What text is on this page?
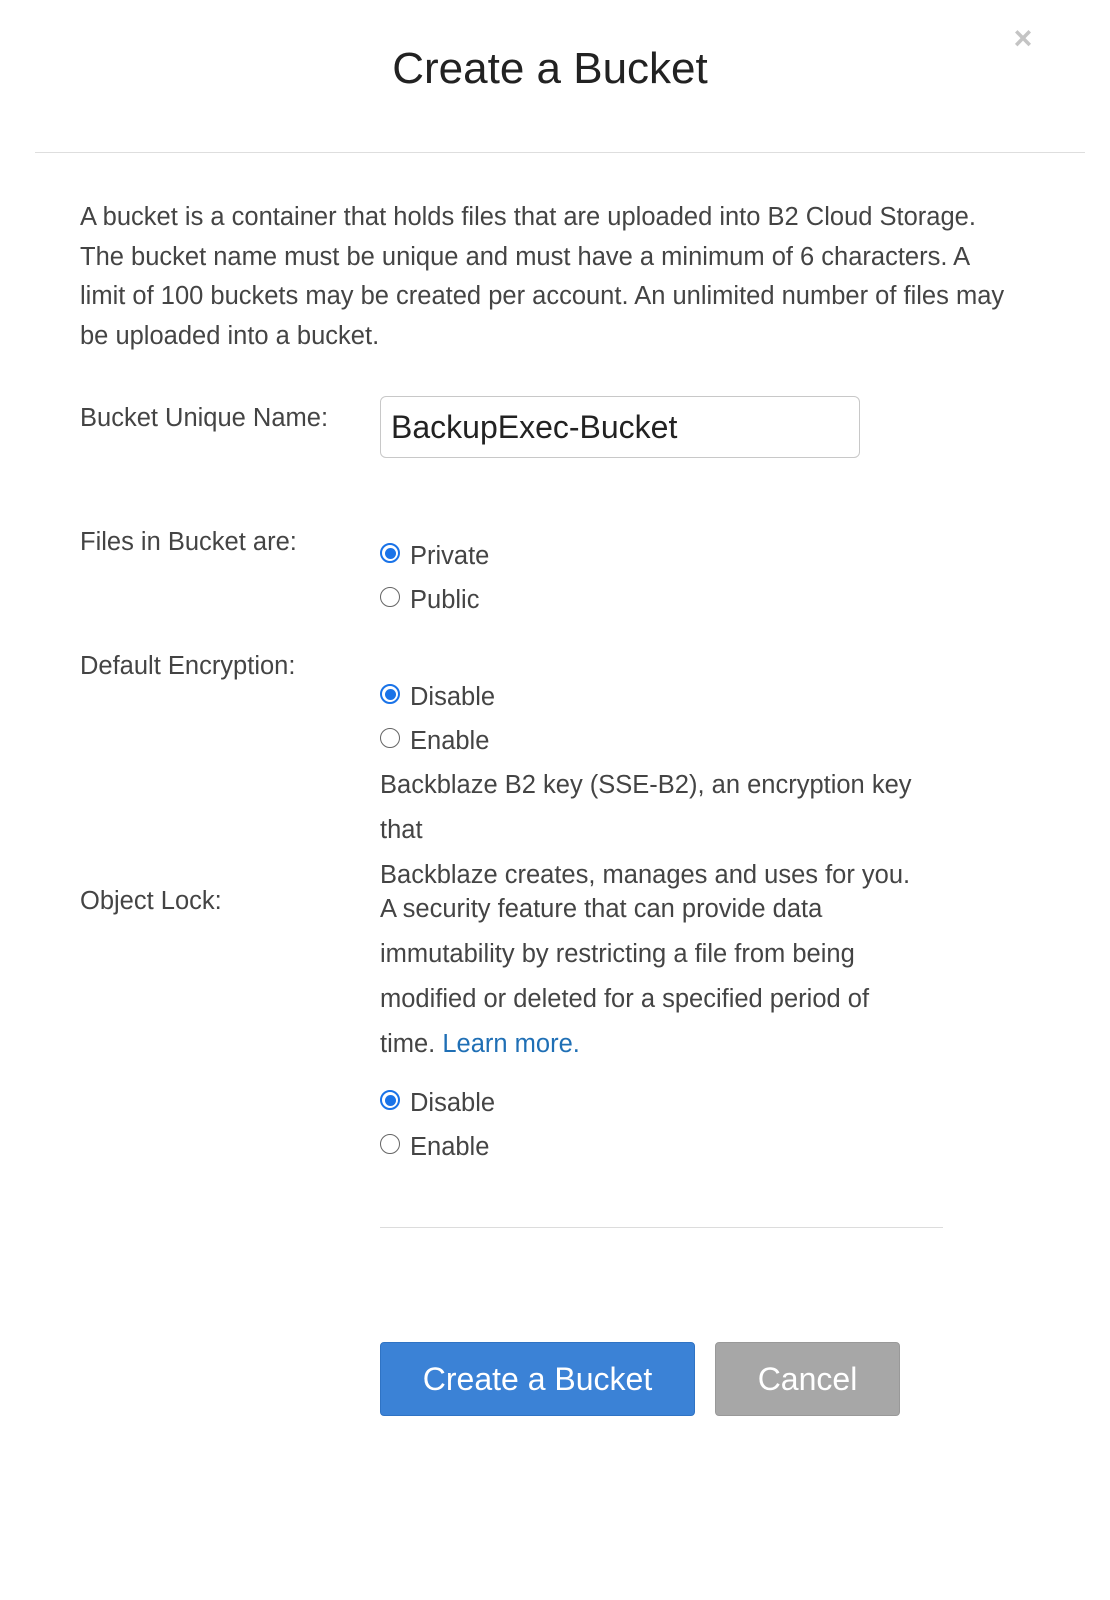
×
Create a Bucket

A bucket is a container that holds files that are uploaded into B2 Cloud Storage. The bucket name must be unique and must have a minimum of 6 characters. A limit of 100 buckets may be created per account. An unlimited number of files may be uploaded into a bucket.

Bucket Unique Name:
BackupExec-Bucket
Files in Bucket are:	Private
Public
Default Encryption:
Disable
Enable

Backblaze B2 key (SSE-B2), an encryption key that
Backblaze creates, manages and uses for you.

Object Lock:	A security feature that can provide data immutability by restricting a file from being modified or deleted for a specified period of time. Learn more.

Disable
Enable
Create a Bucket	Cancel
